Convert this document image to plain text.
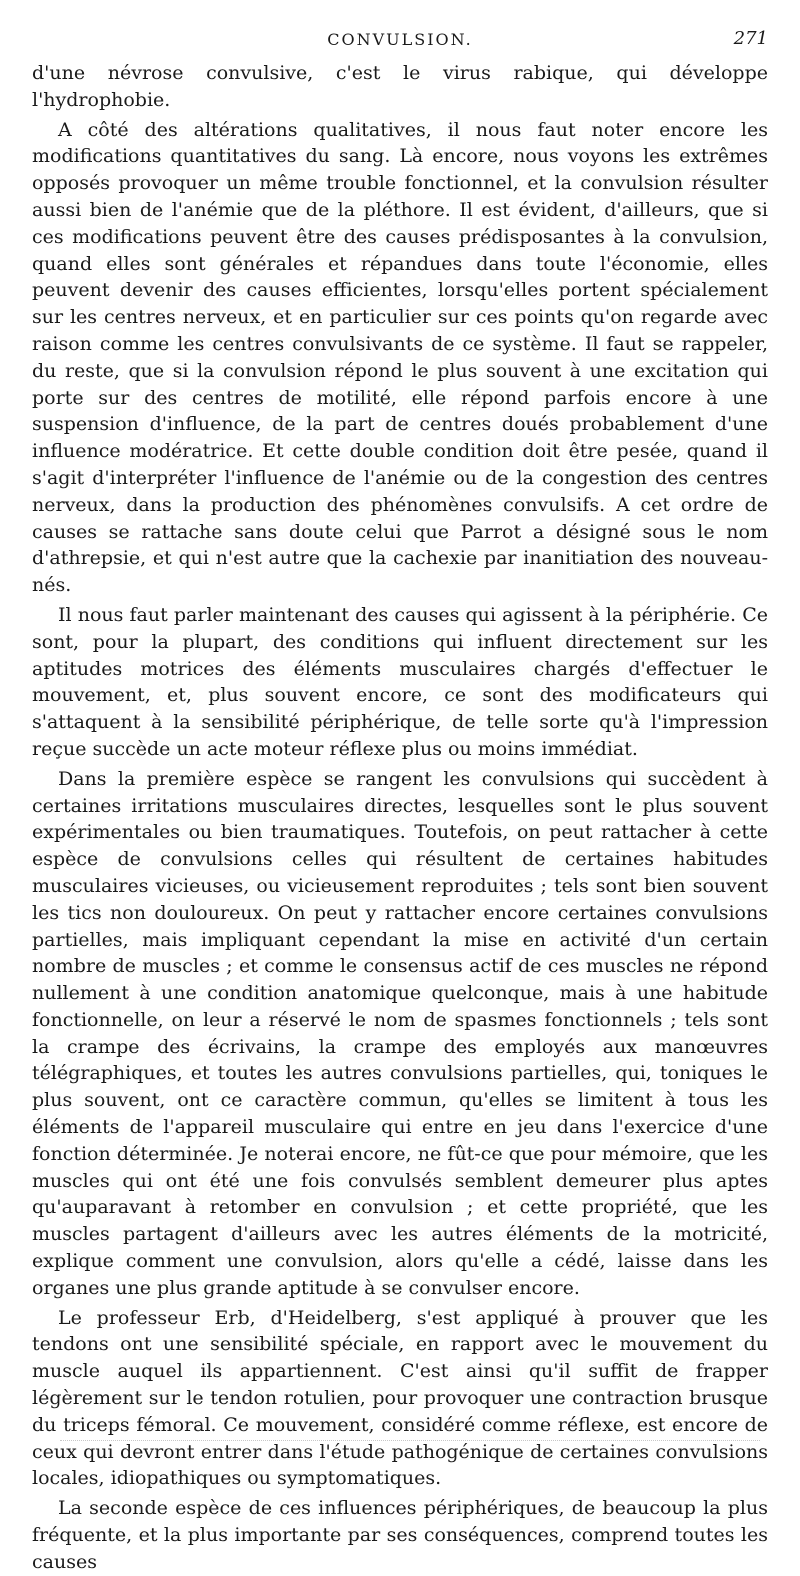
CONVULSION.	271

d'une névrose convulsive, c'est le virus rabique, qui développe l'hydrophobie.

A côté des altérations qualitatives, il nous faut noter encore les modifications quantitatives du sang. Là encore, nous voyons les extrêmes opposés provoquer un même trouble fonctionnel, et la convulsion résulter aussi bien de l'anémie que de la pléthore. Il est évident, d'ailleurs, que si ces modifications peuvent être des causes prédisposantes à la convulsion, quand elles sont générales et répandues dans toute l'économie, elles peuvent devenir des causes efficientes, lorsqu'elles portent spécialement sur les centres nerveux, et en particulier sur ces points qu'on regarde avec raison comme les centres convulsivants de ce système. Il faut se rappeler, du reste, que si la convulsion répond le plus souvent à une excitation qui porte sur des centres de motilité, elle répond parfois encore à une suspension d'influence, de la part de centres doués probablement d'une influence modératrice. Et cette double condition doit être pesée, quand il s'agit d'interpréter l'influence de l'anémie ou de la congestion des centres nerveux, dans la production des phénomènes convulsifs. A cet ordre de causes se rattache sans doute celui que Parrot a désigné sous le nom d'athrepsie, et qui n'est autre que la cachexie par inanitiation des nouveau-nés.

Il nous faut parler maintenant des causes qui agissent à la périphérie. Ce sont, pour la plupart, des conditions qui influent directement sur les aptitudes motrices des éléments musculaires chargés d'effectuer le mouvement, et, plus souvent encore, ce sont des modificateurs qui s'attaquent à la sensibilité périphérique, de telle sorte qu'à l'impression reçue succède un acte moteur réflexe plus ou moins immédiat.

Dans la première espèce se rangent les convulsions qui succèdent à certaines irritations musculaires directes, lesquelles sont le plus souvent expérimentales ou bien traumatiques. Toutefois, on peut rattacher à cette espèce de convulsions celles qui résultent de certaines habitudes musculaires vicieuses, ou vicieusement reproduites ; tels sont bien souvent les tics non douloureux. On peut y rattacher encore certaines convulsions partielles, mais impliquant cependant la mise en activité d'un certain nombre de muscles ; et comme le consensus actif de ces muscles ne répond nullement à une condition anatomique quelconque, mais à une habitude fonctionnelle, on leur a réservé le nom de spasmes fonctionnels ; tels sont la crampe des écrivains, la crampe des employés aux manœuvres télégraphiques, et toutes les autres convulsions partielles, qui, toniques le plus souvent, ont ce caractère commun, qu'elles se limitent à tous les éléments de l'appareil musculaire qui entre en jeu dans l'exercice d'une fonction déterminée. Je noterai encore, ne fût-ce que pour mémoire, que les muscles qui ont été une fois convulsés semblent demeurer plus aptes qu'auparavant à retomber en convulsion ; et cette propriété, que les muscles partagent d'ailleurs avec les autres éléments de la motricité, explique comment une convulsion, alors qu'elle a cédé, laisse dans les organes une plus grande aptitude à se convulser encore.

Le professeur Erb, d'Heidelberg, s'est appliqué à prouver que les tendons ont une sensibilité spéciale, en rapport avec le mouvement du muscle auquel ils appartiennent. C'est ainsi qu'il suffit de frapper légèrement sur le tendon rotulien, pour provoquer une contraction brusque du triceps fémoral. Ce mouvement, considéré comme réflexe, est encore de ceux qui devront entrer dans l'étude pathogénique de certaines convulsions locales, idiopathiques ou symptomatiques.

La seconde espèce de ces influences périphériques, de beaucoup la plus fréquente, et la plus importante par ses conséquences, comprend toutes les causes
